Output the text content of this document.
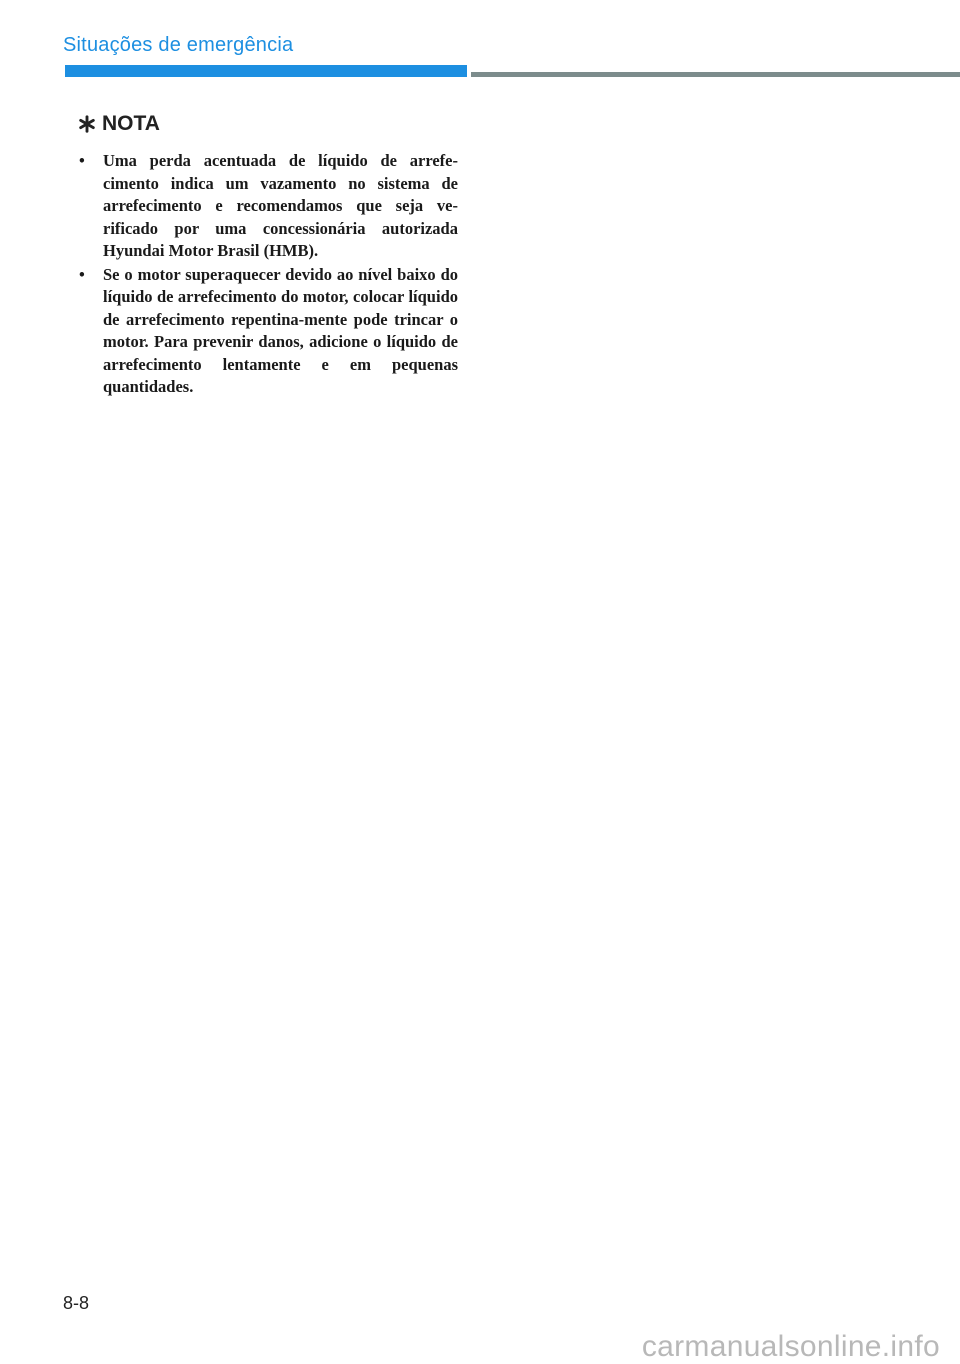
Situações de emergência
NOTA
• Uma perda acentuada de líquido de arrefe-cimento indica um vazamento no sistema de arrefecimento e recomendamos que seja ve-rificado por uma concessionária autorizada Hyundai Motor Brasil (HMB).
• Se o motor superaquecer devido ao nível baixo do líquido de arrefecimento do motor, colocar líquido de arrefecimento repentina-mente pode trincar o motor. Para prevenir danos, adicione o líquido de arrefecimento lentamente e em pequenas quantidades.
8-8
carmanualsonline.info
